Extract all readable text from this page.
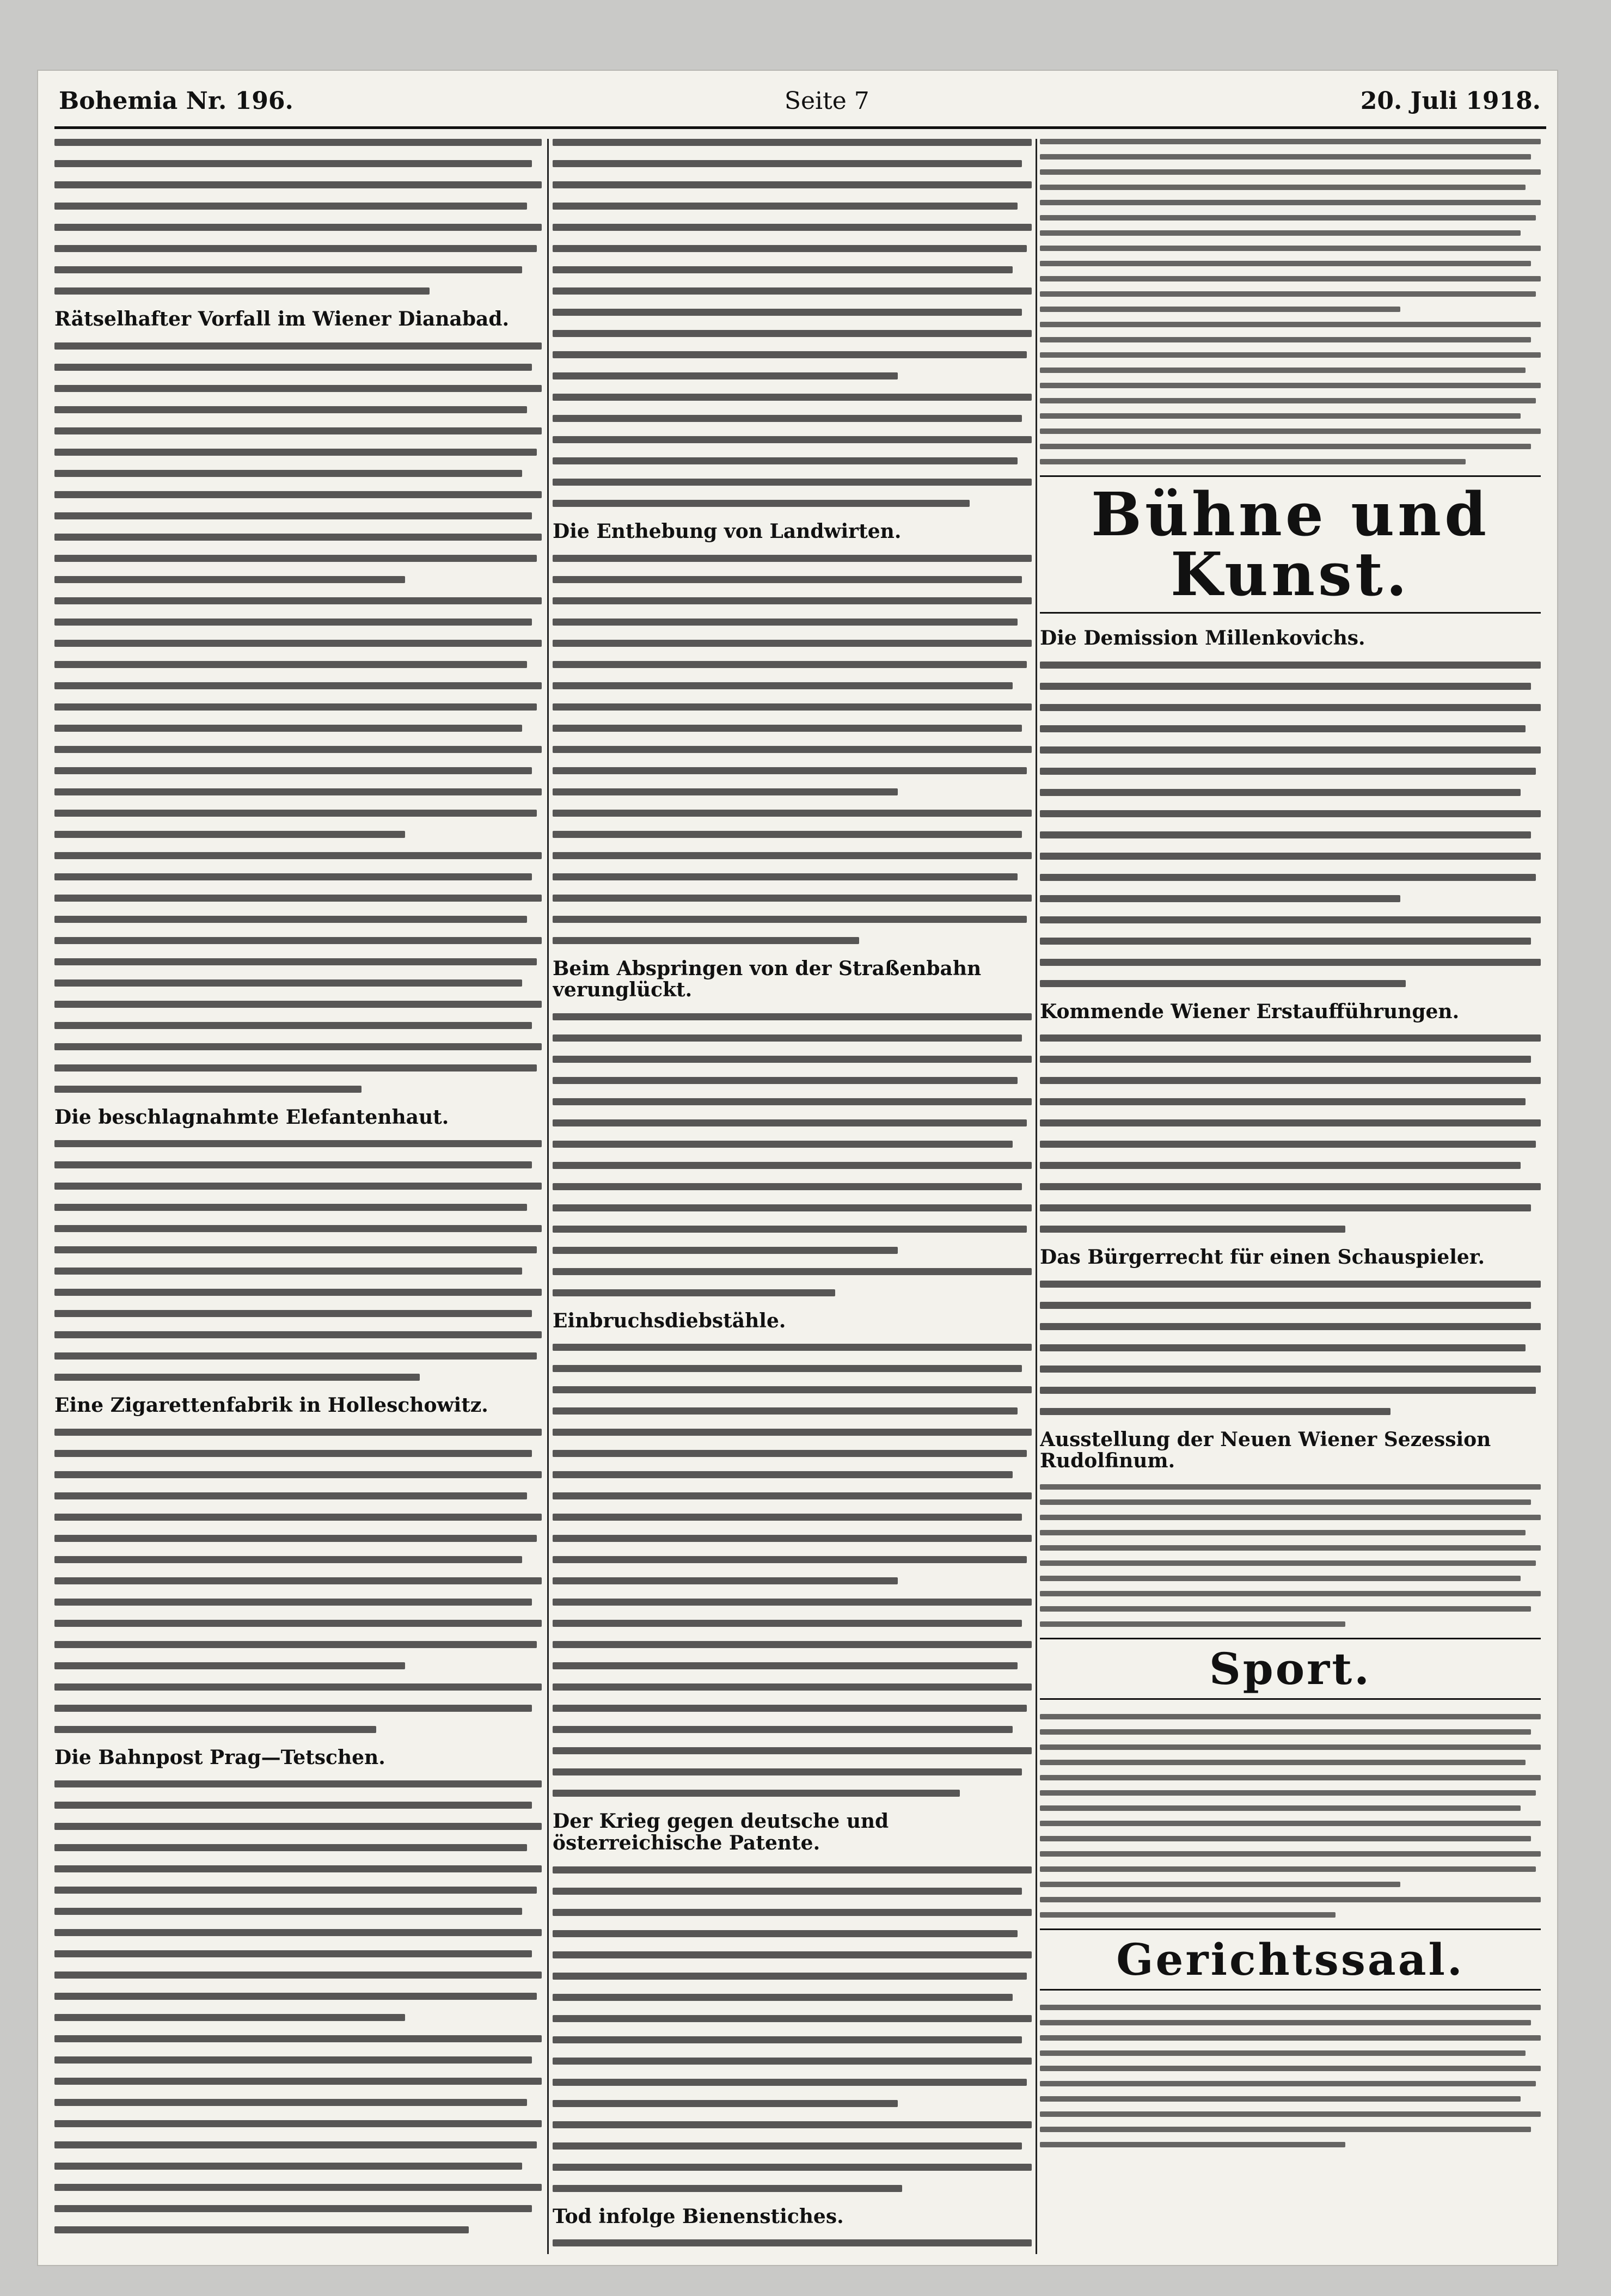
Bohemia Nr. 196.	Seite 7	20. Juli 1918.
Rätselhafter Vorfall im Wiener Dianabad.
Die beschlagnahmte Elefantenhaut.
Eine Zigarettenfabrik in Holleschowitz.
Die Bahnpost Prag—Tetschen.
Die Enthebung von Landwirten.
Beim Abspringen von der Straßenbahn verunglückt.
Einbruchsdiebstähle.
Der Krieg gegen deutsche und österreichische Patente.
Tod infolge Bienenstiches.
Bühne und Kunst.
Die Demission Millenkovichs.
Kommende Wiener Erstaufführungen.
Das Bürgerrecht für einen Schauspieler.
Ausstellung der Neuen Wiener Sezession Rudolfinum.
Sport.
Gerichtssaal.
